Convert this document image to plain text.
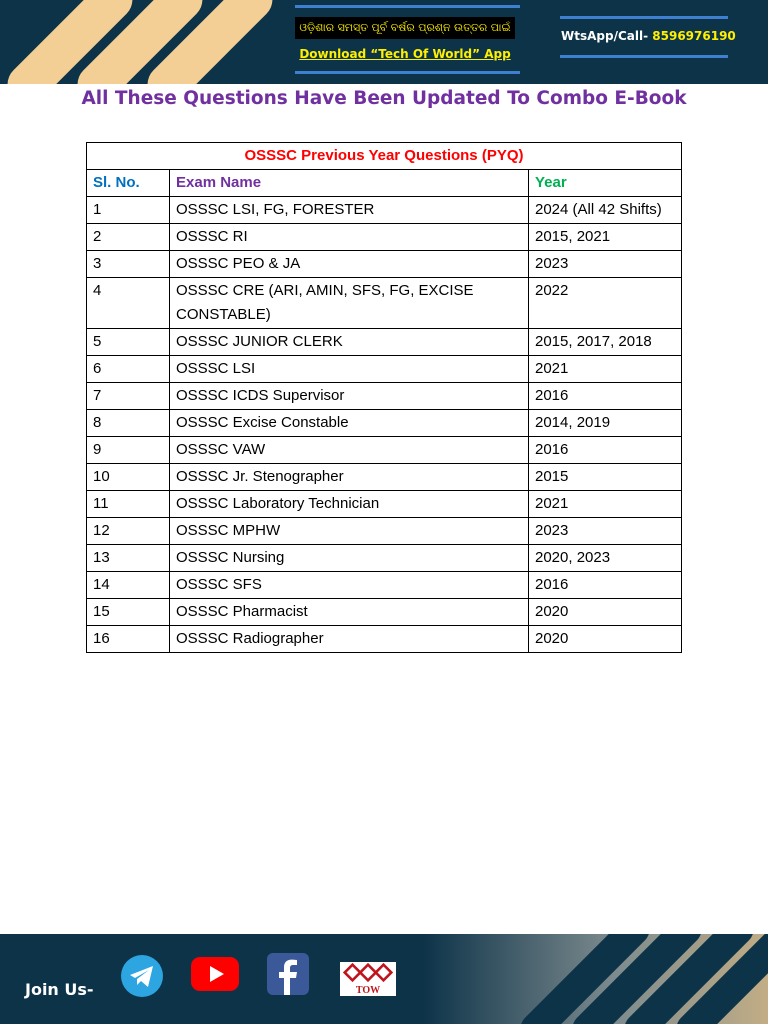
ଓଡ଼ିଶାର ସମସ୍ତ ପୂର୍ବ ବର୍ଷର ପ୍ରଶ୍ନ ଉତ୍ତର ପାଇଁ
Download “Tech Of World” App
WtsApp/Call- 8596976190
All These Questions Have Been Updated To Combo E-Book
OSSSC Previous Year Questions (PYQ)		
Sl. No.	Exam Name	Year
1	OSSSC LSI, FG, FORESTER	2024 (All 42 Shifts)
2	OSSSC RI	2015, 2021
3	OSSSC PEO & JA	2023
4	OSSSC CRE (ARI, AMIN, SFS, FG, EXCISE CONSTABLE)	2022
5	OSSSC JUNIOR CLERK	2015, 2017, 2018
6	OSSSC LSI	2021
7	OSSSC ICDS Supervisor	2016
8	OSSSC Excise Constable	2014, 2019
9	OSSSC VAW	2016
10	OSSSC Jr. Stenographer	2015
11	OSSSC Laboratory Technician	2021
12	OSSSC MPHW	2023
13	OSSSC Nursing	2020, 2023
14	OSSSC SFS	2016
15	OSSSC Pharmacist	2020
16	OSSSC Radiographer	2020
Join Us-	TOW
